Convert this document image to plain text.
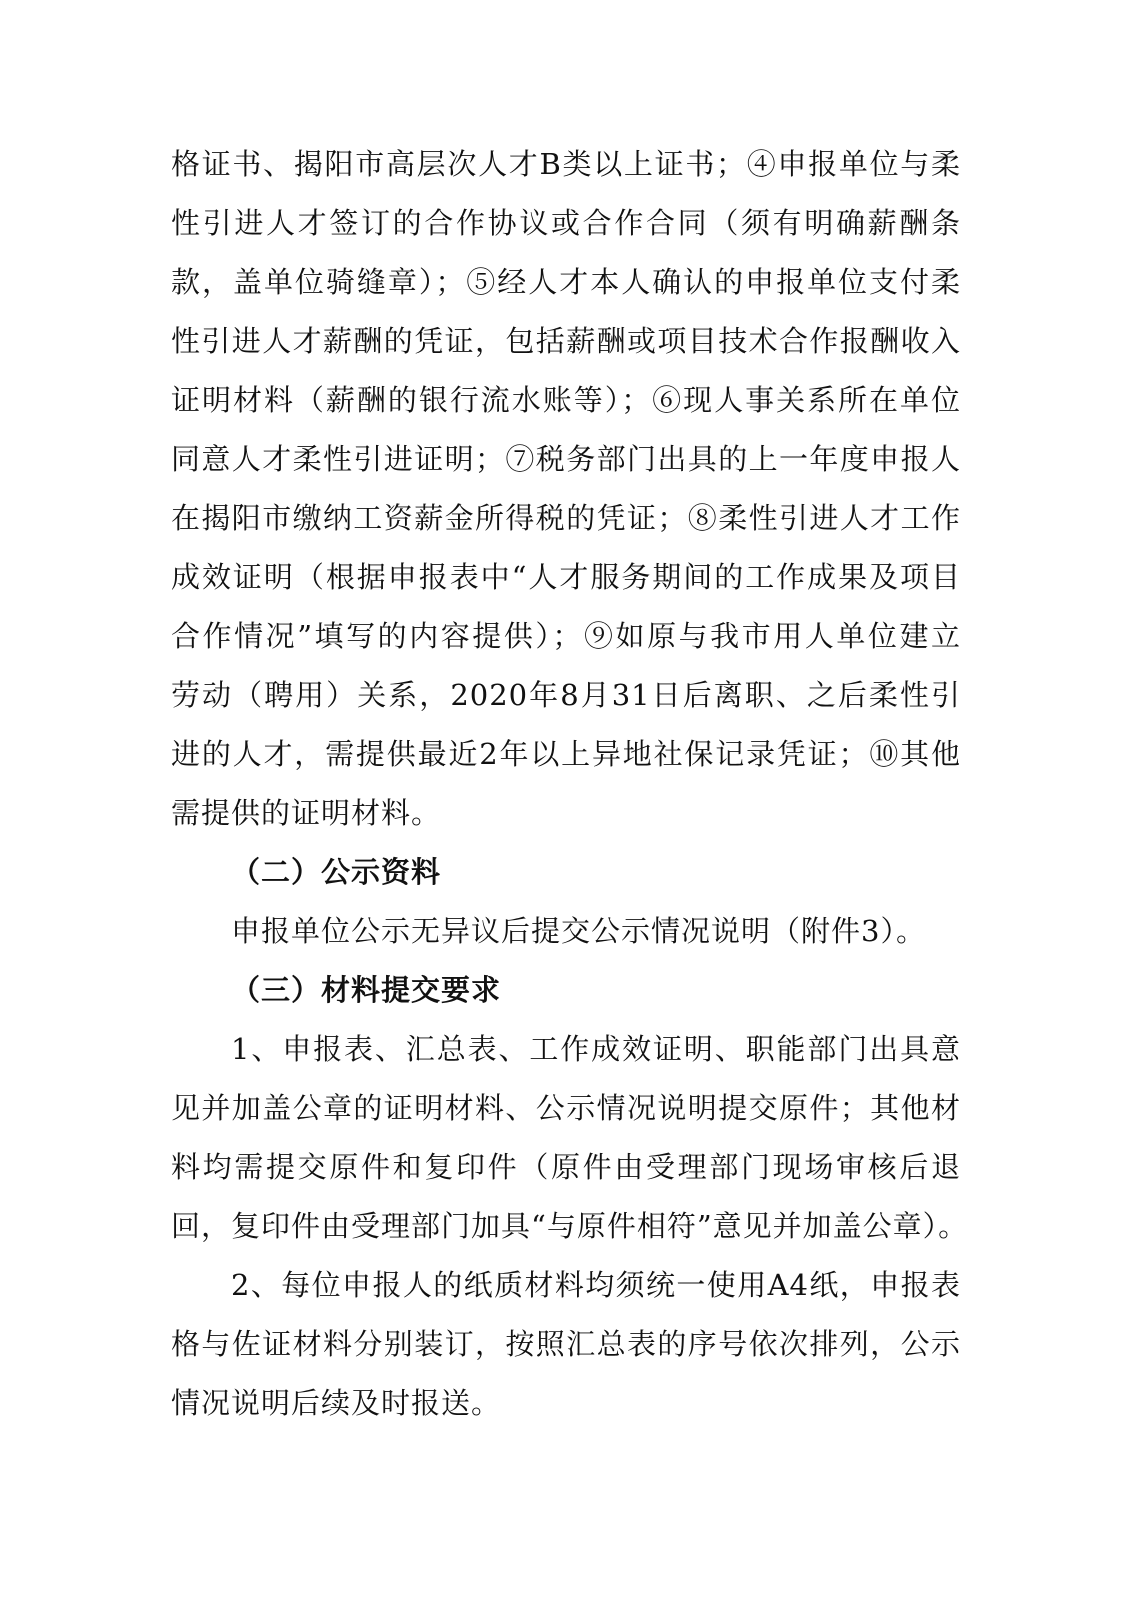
格证书、揭阳市高层次人才B类以上证书；④申报单位与柔
性引进人才签订的合作协议或合作合同（须有明确薪酬条
款，盖单位骑缝章）；⑤经人才本人确认的申报单位支付柔
性引进人才薪酬的凭证，包括薪酬或项目技术合作报酬收入
证明材料（薪酬的银行流水账等）；⑥现人事关系所在单位
同意人才柔性引进证明；⑦税务部门出具的上一年度申报人
在揭阳市缴纳工资薪金所得税的凭证；⑧柔性引进人才工作
成效证明（根据申报表中“人才服务期间的工作成果及项目
合作情况”填写的内容提供）；⑨如原与我市用人单位建立
劳动（聘用）关系，2020年8月31日后离职、之后柔性引
进的人才，需提供最近2年以上异地社保记录凭证；⑩其他
需提供的证明材料。
（二）公示资料
申报单位公示无异议后提交公示情况说明（附件3）。
（三）材料提交要求
1、申报表、汇总表、工作成效证明、职能部门出具意
见并加盖公章的证明材料、公示情况说明提交原件；其他材
料均需提交原件和复印件（原件由受理部门现场审核后退
回，复印件由受理部门加具“与原件相符”意见并加盖公章）。
2、每位申报人的纸质材料均须统一使用A4纸，申报表
格与佐证材料分别装订，按照汇总表的序号依次排列，公示
情况说明后续及时报送。
